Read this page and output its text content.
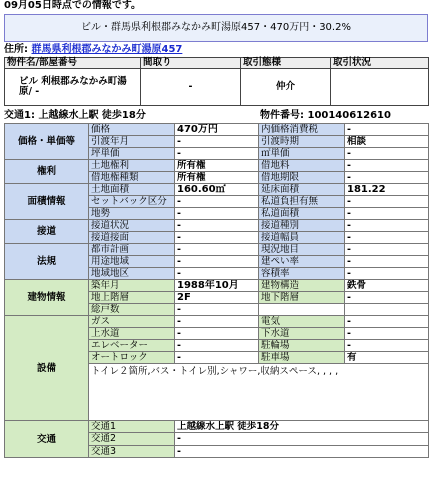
09月05日時点での情報です。
ビル・群馬県利根郡みなかみ町湯原457・470万円・30.2%
住所: 群馬県利根郡みなかみ町湯原457
物件名/部屋番号	間取り	取引態様	取引状況
ビル 利根郡みなかみ町湯原/ -	-	仲介	
交通1: 上越線水上駅 徒歩18分	物件番号: 100140612610
価格・単価等	価格	470万円	内価格消費税	-
	引渡年月	-	引渡時期	相談
	坪単価	-	㎡単価	-
権利	土地権利	所有権	借地料	-
	借地権種類	所有権	借地期限	-
面積情報	土地面積	160.60㎡	延床面積	181.22
	セットバック区分	-	私道負担有無	-
	地勢	-	私道面積	-
接道	接道状況	-	接道種別	-
	接道接面	-	接道幅員	-
法規	都市計画	-	現況地目	-
	用途地域	-	建ぺい率	-
	地域地区	-	容積率	-
建物情報	築年月	1988年10月	建物構造	鉄骨
	地上階層	2F	地下階層	-
	総戸数	-		
設備	ガス	-	電気	-
	上水道	-	下水道	-
	エレベーター	-	駐輪場	-
	オートロック	-	駐車場	有
	トイレ２箇所,バス・トイレ別,シャワー,収納スペース, , , ,			
交通	交通1	上越線水上駅 徒歩18分		
	交通2	-		
	交通3	-		
